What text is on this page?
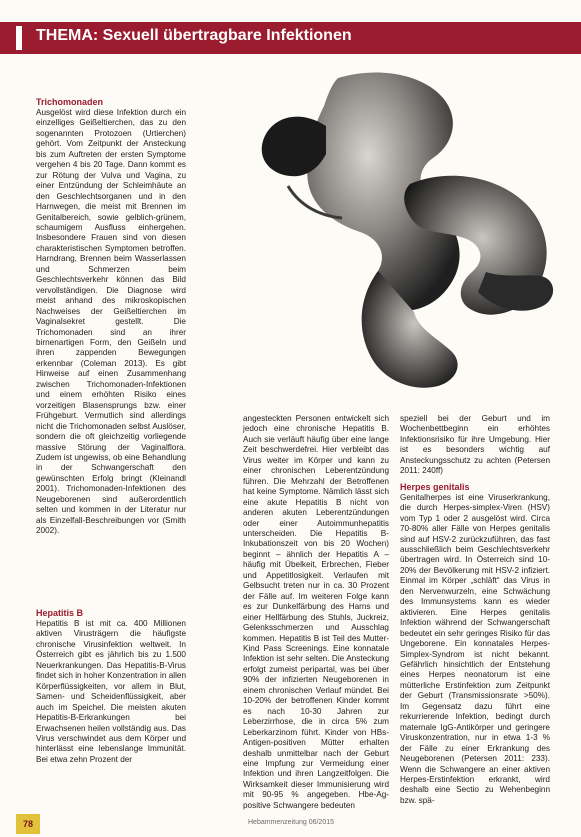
THEMA: Sexuell übertragbare Infektionen
Trichomonaden

Ausgelöst wird diese Infektion durch ein einzelliges Geißeltierchen, das zu den sogenannten Protozoen (Urtierchen) gehört. Vom Zeitpunkt der Ansteckung bis zum Auftreten der ersten Symptome vergehen 4 bis 20 Tage. Dann kommt es zur Rötung der Vulva und Vagina, zu einer Entzündung der Schleimhäute an den Geschlechtsorganen und in den Harnwegen, die meist mit Brennen im Genitalbereich, sowie gelblich-grünem, schaumigem Ausfluss einhergehen. Insbesondere Frauen sind von diesen charakteristischen Symptomen betroffen. Harndrang, Brennen beim Wasserlassen und Schmerzen beim Geschlechtsverkehr können das Bild vervollständigen. Die Diagnose wird meist anhand des mikroskopischen Nachweises der Geißeltierchen im Vaginalsekret gestellt. Die Trichomonaden sind an ihrer birnenartigen Form, den Geißeln und ihren zappenden Bewegungen erkennbar (Coleman 2013). Es gibt Hinweise auf einen Zusammenhang zwischen Trichomonaden-Infektionen und einem erhöhten Risiko eines vorzeitigen Blasensprungs bzw. einer Frühgeburt. Vermutlich sind allerdings nicht die Trichomonaden selbst Auslöser, sondern die oft gleichzeitig vorliegende massive Störung der Vaginalflora. Zudem ist ungewiss, ob eine Behandlung in der Schwangerschaft den gewünschten Erfolg bringt (Kleinandl 2001). Trichomonaden-Infektionen des Neugeborenen sind außerordentlich selten und kommen in der Literatur nur als Einzelfall-Beschreibungen vor (Smith 2002).

Hepatitis B

Hepatitis B ist mit ca. 400 Millionen aktiven Virusträgern die häufigste chronische Virusinfektion weltweit. In Österreich gibt es jährlich bis zu 1.500 Neuerkrankungen. Das Hepatitis-B-Virus findet sich in hoher Konzentration in allen Körperflüssigkeiten, vor allem in Blut, Samen- und Scheidenflüssigkeit, aber auch im Speichel. Die meisten akuten Hepatitis-B-Erkrankungen bei Erwachsenen heilen vollständig aus. Das Virus verschwindet aus dem Körper und hinterlässt eine lebenslange Immunität. Bei etwa zehn Prozent der

angesteckten Personen entwickelt sich jedoch eine chronische Hepatitis B. Auch sie verläuft häufig über eine lange Zeit beschwerdefrei. Hier verbleibt das Virus weiter im Körper und kann zu einer chronischen Leberentzündung führen. Die Mehrzahl der Betroffenen hat keine Symptome. Nämlich lässt sich eine akute Hepatitis B nicht von anderen akuten Leberentzündungen oder einer Autoimmunhepatitis unterscheiden. Die Hepatitis B-Inkubationszeit von bis 20 Wochen) beginnt – ähnlich der Hepatitis A – häufig mit Übelkeit, Erbrechen, Fieber und Appetitlosigkeit. Verlaufen mit Gelbsucht treten nur in ca. 30 Prozent der Fälle auf. Im weiteren Folge kann es zur Dunkelfärbung des Harns und einer Hellfärbung des Stuhls, Juckreiz, Gelenksschmerzen und Ausschlag kommen. Hepatitis B ist Teil des Mutter-Kind Pass Screenings. Eine konnatale Infektion ist sehr selten. Die Ansteckung erfolgt zumeist peripartal, was bei über 90% der infizierten Neugeborenen in einem chronischen Verlauf mündet. Bei 10-20% der betroffenen Kinder kommt es nach 10-30 Jahren zur Leberzirrhose, die in circa 5% zum Leberkarzinom führt. Kinder von HBs-Antigen-positiven Mütter erhalten deshalb unmittelbar nach der Geburt eine Impfung zur Vermeidung einer Infektion und ihren Langzeitfolgen. Die Wirksamkeit dieser Immunisierung wird mit 90-95 % angegeben. Hbe-Ag-positive Schwangere bedeuten

speziell bei der Geburt und im Wochenbettbeginn ein erhöhtes Infektionsrisiko für ihre Umgebung. Hier ist es besonders wichtig auf Ansteckungsschutz zu achten (Petersen 2011: 240ff)

Herpes genitalis

Genitalherpes ist eine Viruserkrankung, die durch Herpes-simplex-Viren (HSV) vom Typ 1 oder 2 ausgelöst wird. Circa 70-80% aller Fälle von Herpes genitalis sind auf HSV-2 zurückzuführen, das fast ausschließlich beim Geschlechtsverkehr übertragen wird. In Österreich sind 10-20% der Bevölkerung mit HSV-2 infiziert. Einmal im Körper „schläft“ das Virus in den Nervenwurzeln, eine Schwächung des Immunsystems kann es wieder aktivieren. Eine Herpes genitalis Infektion während der Schwangerschaft bedeutet ein sehr geringes Risiko für das Ungeborene. Ein konnatales Herpes-Simplex-Syndrom ist nicht bekannt. Gefährlich hinsichtlich der Entstehung eines Herpes neonatorum ist eine mütterliche Erstinfektion zum Zeitpunkt der Geburt (Transmissionsrate >50%). Im Gegensatz dazu führt eine rekurrierende Infektion, bedingt durch maternale IgG-Antikörper und geringere Viruskonzentration, nur in etwa 1-3 % der Fälle zu einer Erkrankung des Neugeborenen (Petersen 2011: 233). Wenn die Schwangere an einer aktiven Herpes-Erstinfektion erkrankt, wird deshalb eine Sectio zu Wehenbeginn bzw. spä-

78	Hebammenzeitung 06/2015
